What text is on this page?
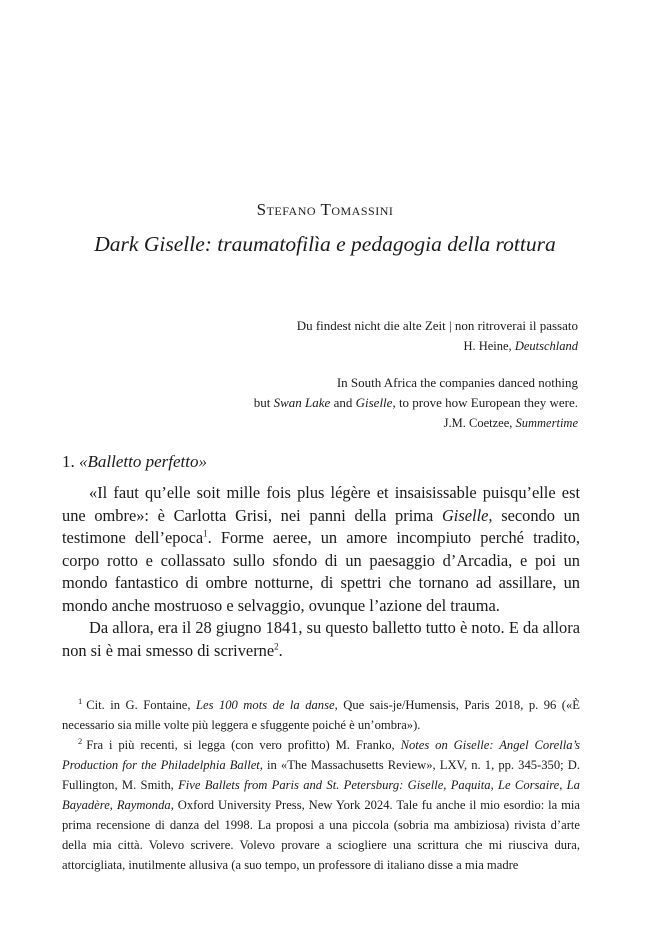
Stefano Tomassini
Dark Giselle: traumatofilìa e pedagogia della rottura
Du findest nicht die alte Zeit | non ritroverai il passato
H. Heine, Deutschland
In South Africa the companies danced nothing
but Swan Lake and Giselle, to prove how European they were.
J.M. Coetzee, Summertime
1. «Balletto perfetto»

«Il faut qu’elle soit mille fois plus légère et insaisissable puisqu’elle est une ombre»: è Carlotta Grisi, nei panni della prima Giselle, secondo un testimone dell’epoca$^1$. Forme aeree, un amore incompiuto perché tradito, corpo rotto e collassato sullo sfondo di un paesaggio d’Arcadia, e poi un mondo fantastico di ombre notturne, di spettri che tornano ad assillare, un mondo anche mostruoso e selvaggio, ovunque l’azione del trauma.

Da allora, era il 28 giugno 1841, su questo balletto tutto è noto. E da allora non si è mai smesso di scriverne$^2$.

$^1$ Cit. in G. Fontaine, Les 100 mots de la danse, Que sais-je/Humensis, Paris 2018, p. 96 («È necessario sia mille volte più leggera e sfuggente poiché è un’ombra»).

$^2$ Fra i più recenti, si legga (con vero profitto) M. Franko, Notes on Giselle: Angel Corella’s Production for the Philadelphia Ballet, in «The Massachusetts Review», LXV, n. 1, pp. 345-350; D. Fullington, M. Smith, Five Ballets from Paris and St. Petersburg: Giselle, Paquita, Le Corsaire, La Bayadère, Raymonda, Oxford University Press, New York 2024. Tale fu anche il mio esordio: la mia prima recensione di danza del 1998. La proposi a una piccola (sobria ma ambiziosa) rivista d’arte della mia città. Volevo scrivere. Volevo provare a sciogliere una scrittura che mi riusciva dura, attorcigliata, inutilmente allusiva (a suo tempo, un professore di italiano disse a mia madre
